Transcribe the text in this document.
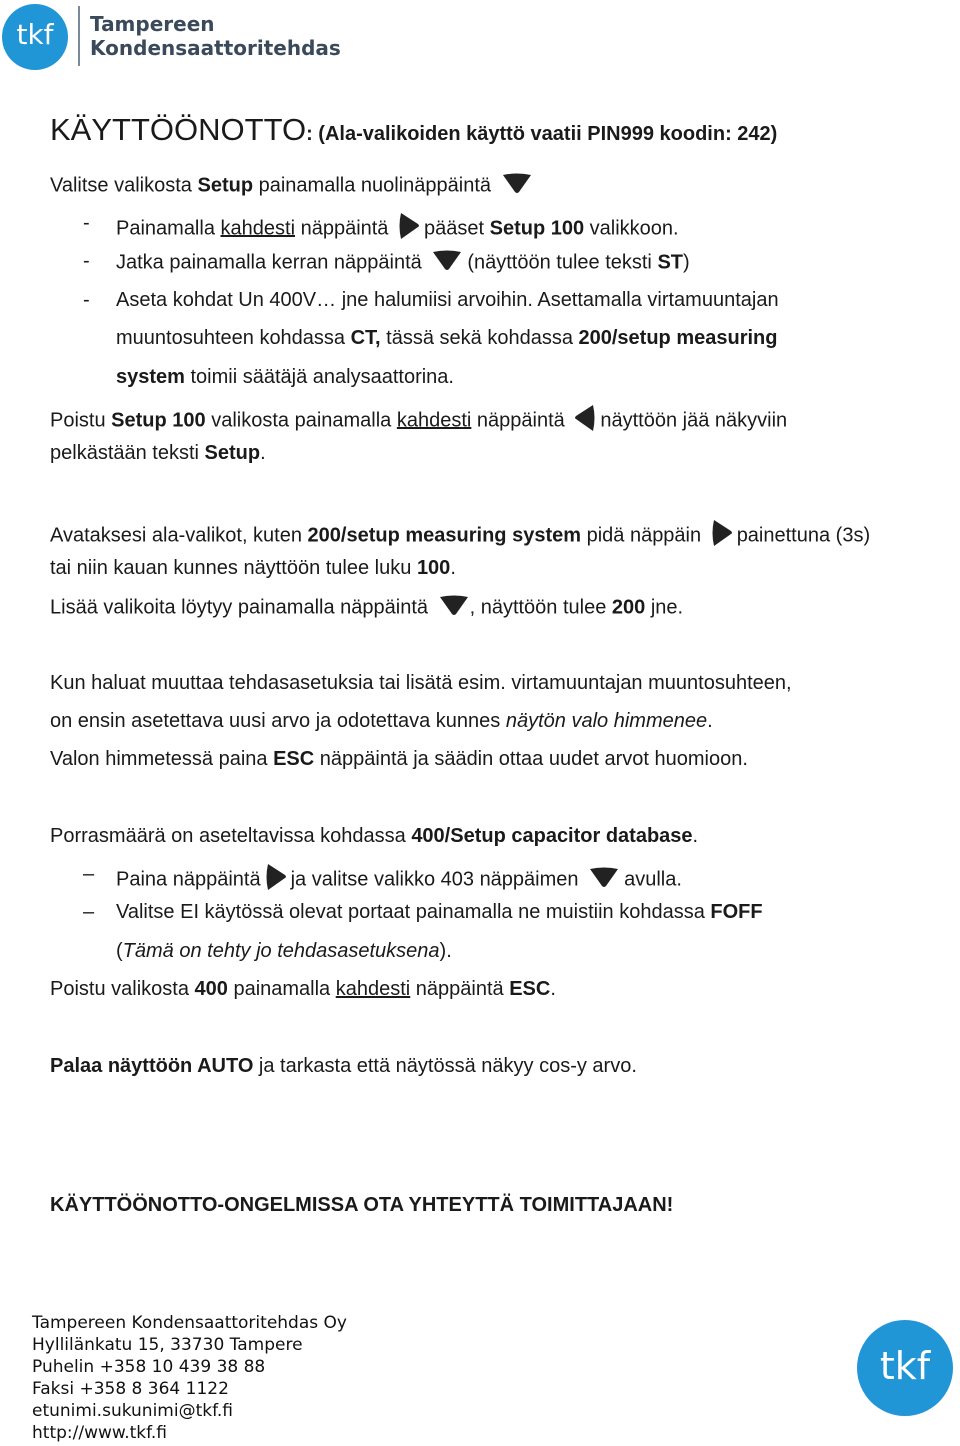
tkf	Tampereen
Kondensaattoritehdas
KÄYTTÖÖNOTTO: (Ala-valikoiden käyttö vaatii PIN999 koodin: 242)
Valitse valikosta Setup painamalla nuolinäppäintä
- Painamalla kahdesti näppäintä pääset Setup 100 valikkoon.
- Jatka painamalla kerran näppäintä (näyttöön tulee teksti ST)
- Aseta kohdat Un 400V… jne halumiisi arvoihin. Asettamalla virtamuuntajan
muuntosuhteen kohdassa CT, tässä sekä kohdassa 200/setup measuring
system toimii säätäjä analysaattorina.
Poistu Setup 100 valikosta painamalla kahdesti näppäintä näyttöön jää näkyviin
pelkästään teksti Setup.
Avataksesi ala-valikot, kuten 200/setup measuring system pidä näppäin painettuna (3s)
tai niin kauan kunnes näyttöön tulee luku 100.
Lisää valikoita löytyy painamalla näppäintä , näyttöön tulee 200 jne.
Kun haluat muuttaa tehdasasetuksia tai lisätä esim. virtamuuntajan muuntosuhteen,
on ensin asetettava uusi arvo ja odotettava kunnes näytön valo himmenee.
Valon himmetessä paina ESC näppäintä ja säädin ottaa uudet arvot huomioon.
Porrasmäärä on aseteltavissa kohdassa 400/Setup capacitor database.
– Paina näppäintä ja valitse valikko 403 näppäimen avulla.
– Valitse EI käytössä olevat portaat painamalla ne muistiin kohdassa FOFF
(Tämä on tehty jo tehdasasetuksena).
Poistu valikosta 400 painamalla kahdesti näppäintä ESC.
Palaa näyttöön AUTO ja tarkasta että näytössä näkyy cos-y arvo.
KÄYTTÖÖNOTTO-ONGELMISSA OTA YHTEYTTÄ TOIMITTAJAAN!
Tampereen Kondensaattoritehdas Oy
Hyllilänkatu 15, 33730 Tampere
Puhelin +358 10 439 38 88
Faksi +358 8 364 1122
etunimi.sukunimi@tkf.fi
http://www.tkf.fi
tkf
